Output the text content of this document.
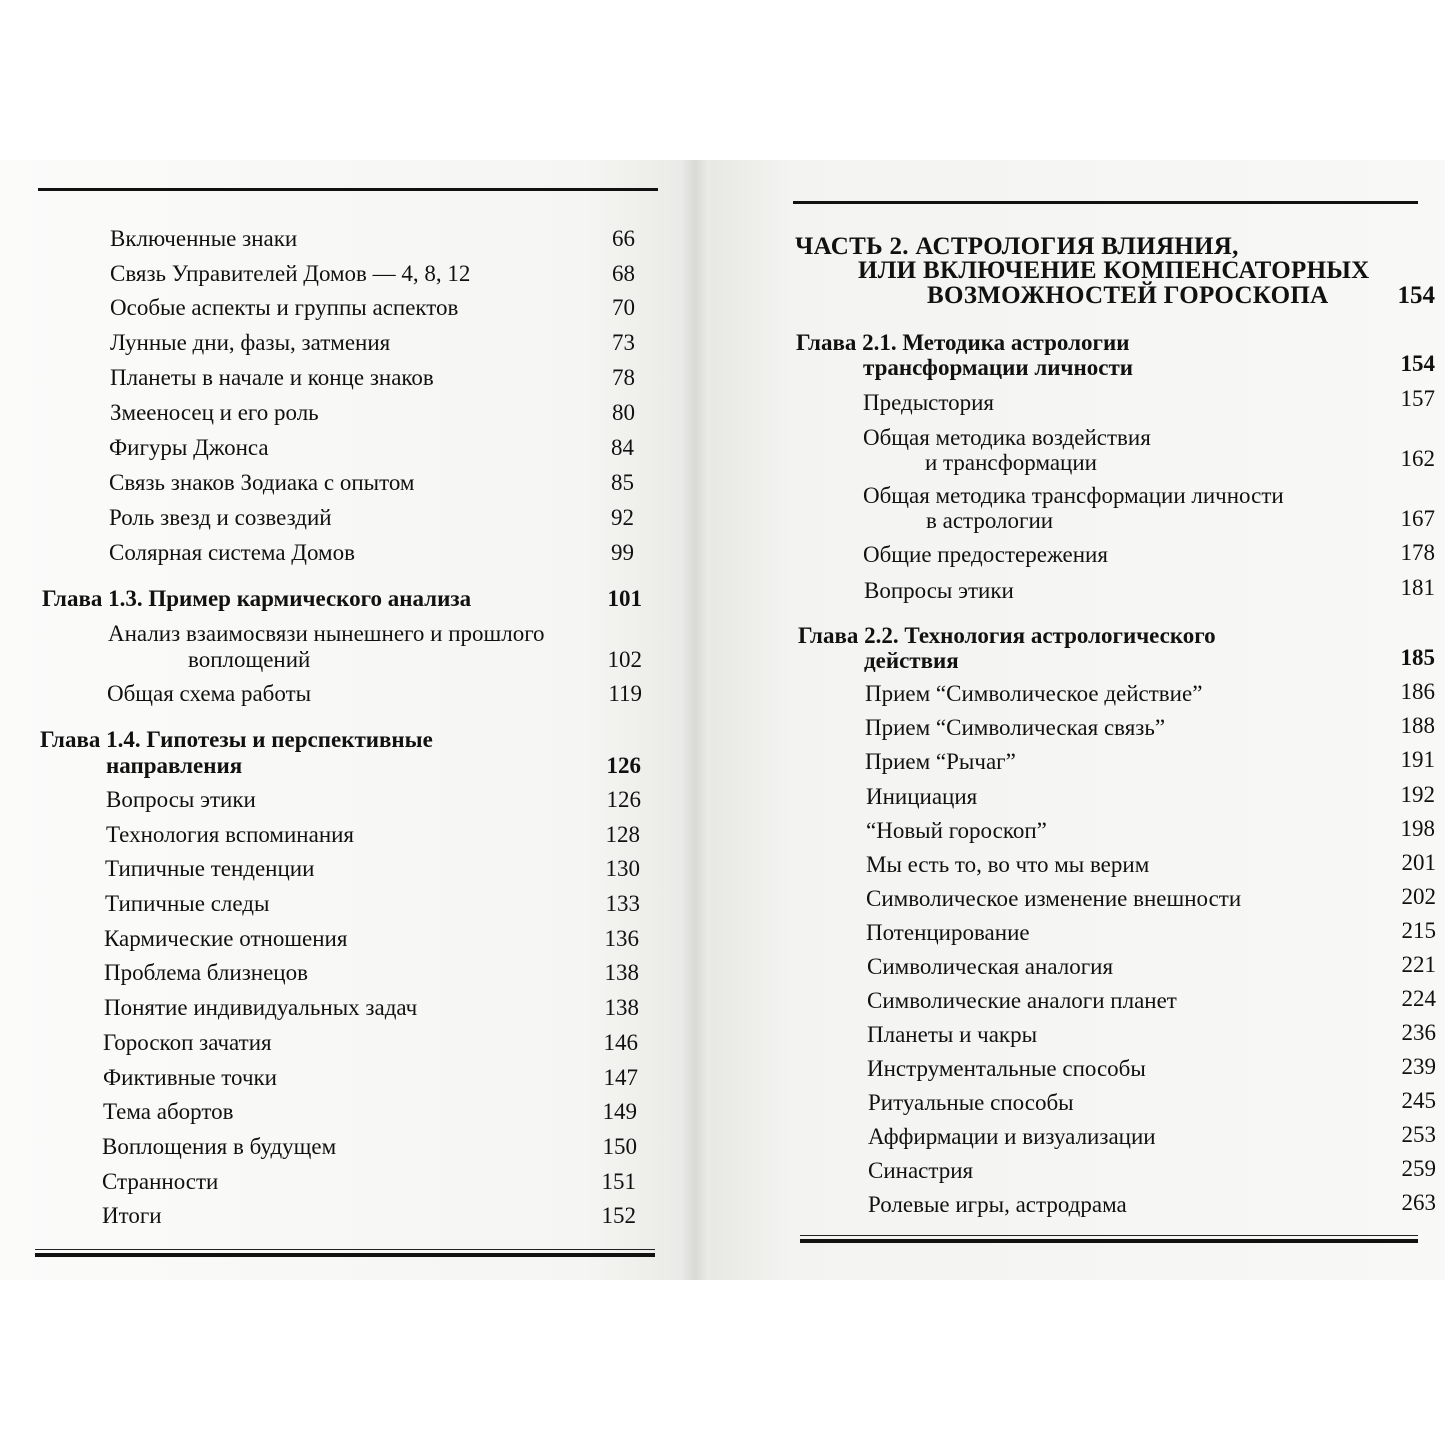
Включенные знаки	66
Связь Управителей Домов — 4, 8, 12	68
Особые аспекты и группы аспектов	70
Лунные дни, фазы, затмения	73
Планеты в начале и конце знаков	78
Змееносец и его роль	80
Фигуры Джонса	84
Связь знаков Зодиака с опытом	85
Роль звезд и созвездий	92
Солярная система Домов	99
Глава 1.3. Пример кармического анализа	101
Анализ взаимосвязи нынешнего и прошлого
воплощений	102
Общая схема работы	119
Глава 1.4. Гипотезы и перспективные
направления	126
Вопросы этики	126
Технология вспоминания	128
Типичные тенденции	130
Типичные следы	133
Кармические отношения	136
Проблема близнецов	138
Понятие индивидуальных задач	138
Гороскоп зачатия	146
Фиктивные точки	147
Тема абортов	149
Воплощения в будущем	150
Странности	151
Итоги	152
ЧАСТЬ 2. АСТРОЛОГИЯ ВЛИЯНИЯ,
ИЛИ ВКЛЮЧЕНИЕ КОМПЕНСАТОРНЫХ
ВОЗМОЖНОСТЕЙ ГОРОСКОПА	154
Глава 2.1. Методика астрологии
трансформации личности	154
Предыстория	157
Общая методика воздействия
и трансформации	162
Общая методика трансформации личности
в астрологии	167
Общие предостережения	178
Вопросы этики	181
Глава 2.2. Технология астрологического
действия	185
Прием “Символическое действие”	186
Прием “Символическая связь”	188
Прием “Рычаг”	191
Инициация	192
“Новый гороскоп”	198
Мы есть то, во что мы верим	201
Символическое изменение внешности	202
Потенцирование	215
Символическая аналогия	221
Символические аналоги планет	224
Планеты и чакры	236
Инструментальные способы	239
Ритуальные способы	245
Аффирмации и визуализации	253
Синастрия	259
Ролевые игры, астродрама	263
